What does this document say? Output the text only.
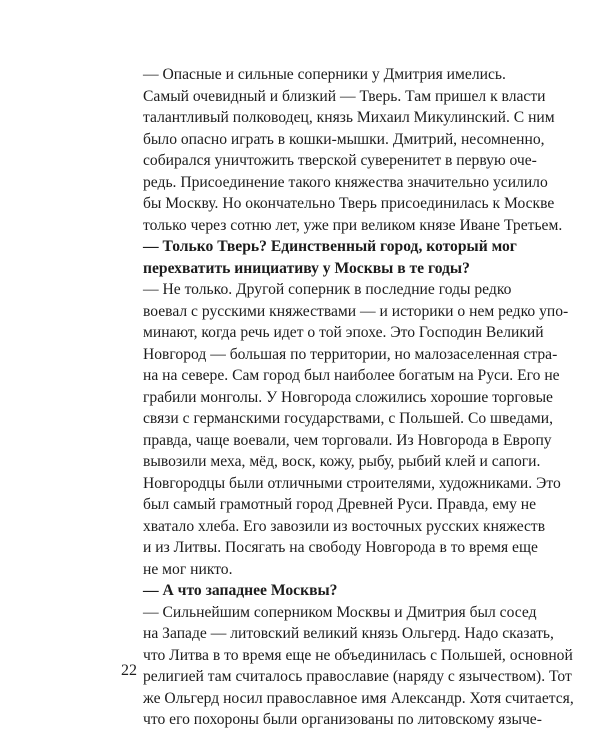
— Опасные и сильные соперники у Дмитрия имелись.
Самый очевидный и близкий — Тверь. Там пришел к власти
талантливый полководец, князь Михаил Микулинский. С ним
было опасно играть в кошки-мышки. Дмитрий, несомненно,
собирался уничтожить тверской суверенитет в первую оче-
редь. Присоединение такого княжества значительно усилило
бы Москву. Но окончательно Тверь присоединилась к Москве
только через сотню лет, уже при великом князе Иване Третьем.

— Только Тверь? Единственный город, который мог
перехватить инициативу у Москвы в те годы?

— Не только. Другой соперник в последние годы редко
воевал с русскими княжествами — и историки о нем редко упо-
минают, когда речь идет о той эпохе. Это Господин Великий
Новгород — большая по территории, но малозаселенная стра-
на на севере. Сам город был наиболее богатым на Руси. Его не
грабили монголы. У Новгорода сложились хорошие торговые
связи с германскими государствами, с Польшей. Со шведами,
правда, чаще воевали, чем торговали. Из Новгорода в Европу
вывозили меха, мёд, воск, кожу, рыбу, рыбий клей и сапоги.
Новгородцы были отличными строителями, художниками. Это
был самый грамотный город Древней Руси. Правда, ему не
хватало хлеба. Его завозили из восточных русских княжеств
и из Литвы. Посягать на свободу Новгорода в то время еще
не мог никто.

— А что западнее Москвы?

— Сильнейшим соперником Москвы и Дмитрия был сосед
на Западе — литовский великий князь Ольгерд. Надо сказать,
что Литва в то время еще не объединилась с Польшей, основной
религией там считалось православие (наряду с язычеством). Тот
же Ольгерд носил православное имя Александр. Хотя считается,
что его похороны были организованы по литовскому языче-

22
